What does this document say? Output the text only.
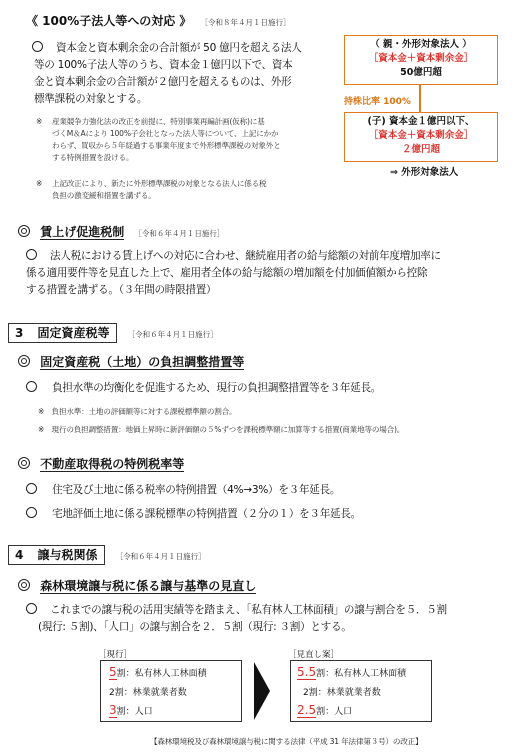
《 100%子法人等への対応 》 ［令和８年４月１日施行］
資本金と資本剰余金の合計額が 50 億円を超える法人
等の 100%子法人等のうち、資本金１億円以下で、資本
金と資本剰余金の合計額が２億円を超えるものは、外形
標準課税の対象とする。
※	産業競争力強化法の改正を前提に、特別事業再編計画(仮称)に基
づくM＆Aにより 100%子会社となった法人等について、上記にかか
わらず、買収から５年経過する事業年度まで外形標準課税の対象外と
する特例措置を設ける。
※	上記改正により、新たに外形標準課税の対象となる法人に係る税
負担の激変緩和措置を講ずる。
（ 親・外形対象法人 ）
［資本金＋資本剰余金］
50億円超
持株比率 100%
(子) 資本金１億円以下、
［資本金＋資本剰余金］
２億円超
⇒ 外形対象法人
賃上げ促進税制 ［令和６年４月１日施行］
法人税における賃上げへの対応に合わせ、継続雇用者の給与総額の対前年度増加率に
係る適用要件等を見直した上で、雇用者全体の給与総額の増加額を付加価値額から控除
する措置を講ずる。（３年間の時限措置）
3 固定資産税等 ［令和６年４月１日施行］
固定資産税（土地）の負担調整措置等
負担水準の均衡化を促進するため、現行の負担調整措置等を３年延長。
※　負担水準：土地の評価額等に対する課税標準額の割合。
※　現行の負担調整措置：地価上昇時に新評価額の５%ずつを課税標準額に加算等する措置(商業地等の場合)。
不動産取得税の特例税率等
住宅及び土地に係る税率の特例措置（4%→3%）を３年延長。
宅地評価土地に係る課税標準の特例措置（２分の１）を３年延長。
4 譲与税関係 ［令和６年４月１日施行］
森林環境譲与税に係る譲与基準の見直し
これまでの譲与税の活用実績等を踏まえ、「私有林人工林面積」の譲与割合を５．５割
(現行: ５割)、「人口」の譲与割合を２．５割（現行: ３割）とする。
［現行］
5割：私有林人工林面積
2割：林業就業者数
3割：人口
［見直し案］
5.5割：私有林人工林面積
2割：林業就業者数
2.5割：人口
【森林環境税及び森林環境譲与税に関する法律（平成 31 年法律第３号）の改正】
